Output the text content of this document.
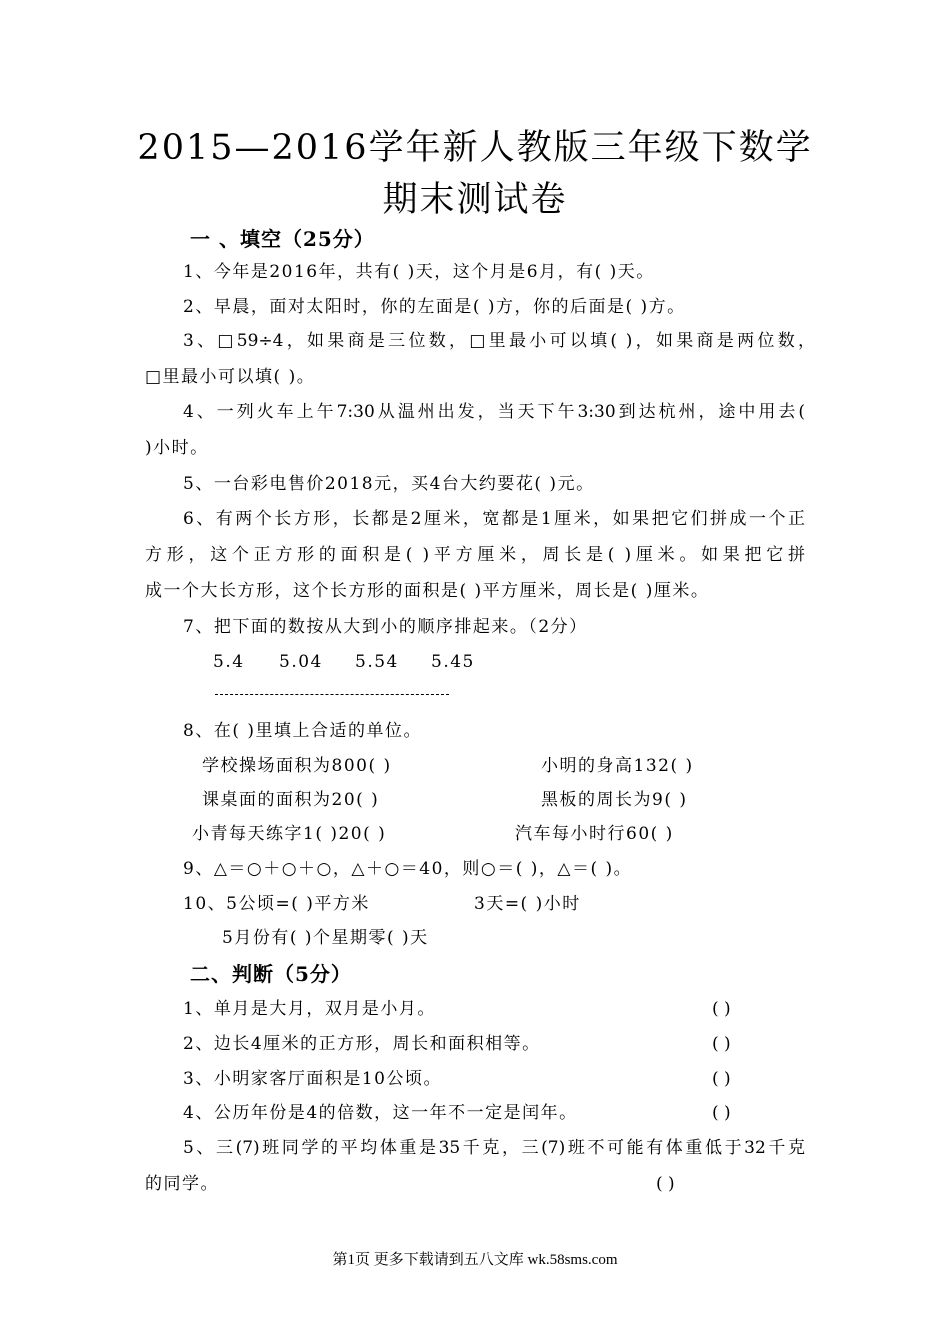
2015—2016学年新人教版三年级下数学
期末测试卷
一 、填空（25分）
1、今年是2016年，共有( )天，这个月是6月，有( )天。
2、早晨，面对太阳时，你的左面是( )方，你的后面是( )方。
3、□59÷4，如果商是三位数，□里最小可以填( )，如果商是两位数，
□里最小可以填( )。
4、一列火车上午7:30从温州出发，当天下午3:30到达杭州，途中用去(
)小时。
5、一台彩电售价2018元，买4台大约要花( )元。
6、有两个长方形，长都是2厘米，宽都是1厘米，如果把它们拼成一个正
方形，这个正方形的面积是( )平方厘米，周长是( )厘米。如果把它拼
成一个大长方形，这个长方形的面积是( )平方厘米，周长是( )厘米。
7、把下面的数按从大到小的顺序排起来。（2分）
5.4 5.04 5.54 5.45
8、在( )里填上合适的单位。
学校操场面积为800( )	小明的身高132( )
课桌面的面积为20( )	黑板的周长为9( )
小青每天练字1( )20( )	汽车每小时行60( )
9、△＝○＋○＋○，△＋○＝40，则○＝( )，△＝( )。
10、5公顷=( )平方米	3天=( )小时
5月份有( )个星期零( )天
二、判断（5分）
1、单月是大月，双月是小月。	( )
2、边长4厘米的正方形，周长和面积相等。	( )
3、小明家客厅面积是10公顷。	( )
4、公历年份是4的倍数，这一年不一定是闰年。	( )
5、三(7)班同学的平均体重是35千克，三(7)班不可能有体重低于32千克
的同学。	( )
第1页 更多下载请到五八文库 wk.58sms.com
